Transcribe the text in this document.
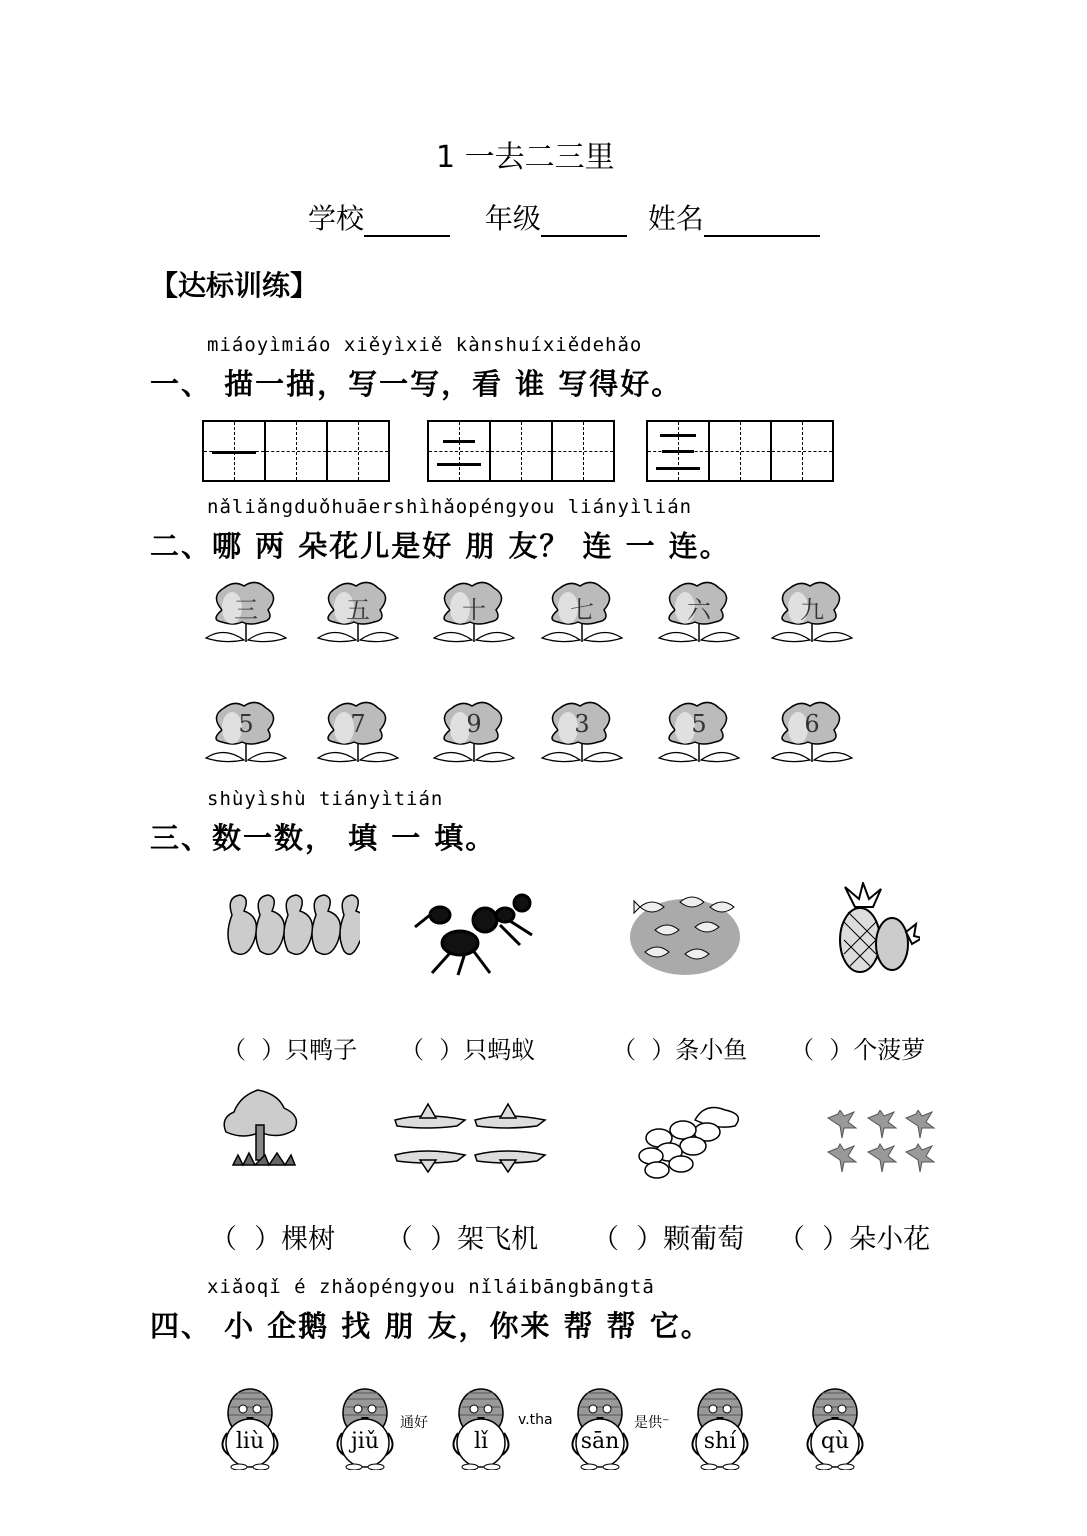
1 一去二三里
学校	年级	姓名
【达标训练】
miáoyìmiáo xiěyìxiě kànshuíxiědehǎo
一、 描一描，写一写，看 谁 写得好。
nǎliǎngduǒhuāershìhǎopéngyou liányìlián
二、哪 两 朵花儿是好 朋 友？ 连 一 连。
三	五	十	七	六	九
5	7	9	3	5	6
shùyìshù tiányìtián
三、数一数， 填 一 填。
（  ）只鸭子 （  ）只蚂蚁	（  ）条小鱼 （  ）个菠萝
（  ）棵树 （  ）架飞机 （  ）颗葡萄 （  ）朵小花
xiǎoqǐ é zhǎopéngyou nǐláibāngbāngtā
四、 小 企鹅 找 朋 友，你来 帮 帮 它。
liù	jiǔ	lǐ	sān	shí	qù
通好	v.tha	是供⁻
